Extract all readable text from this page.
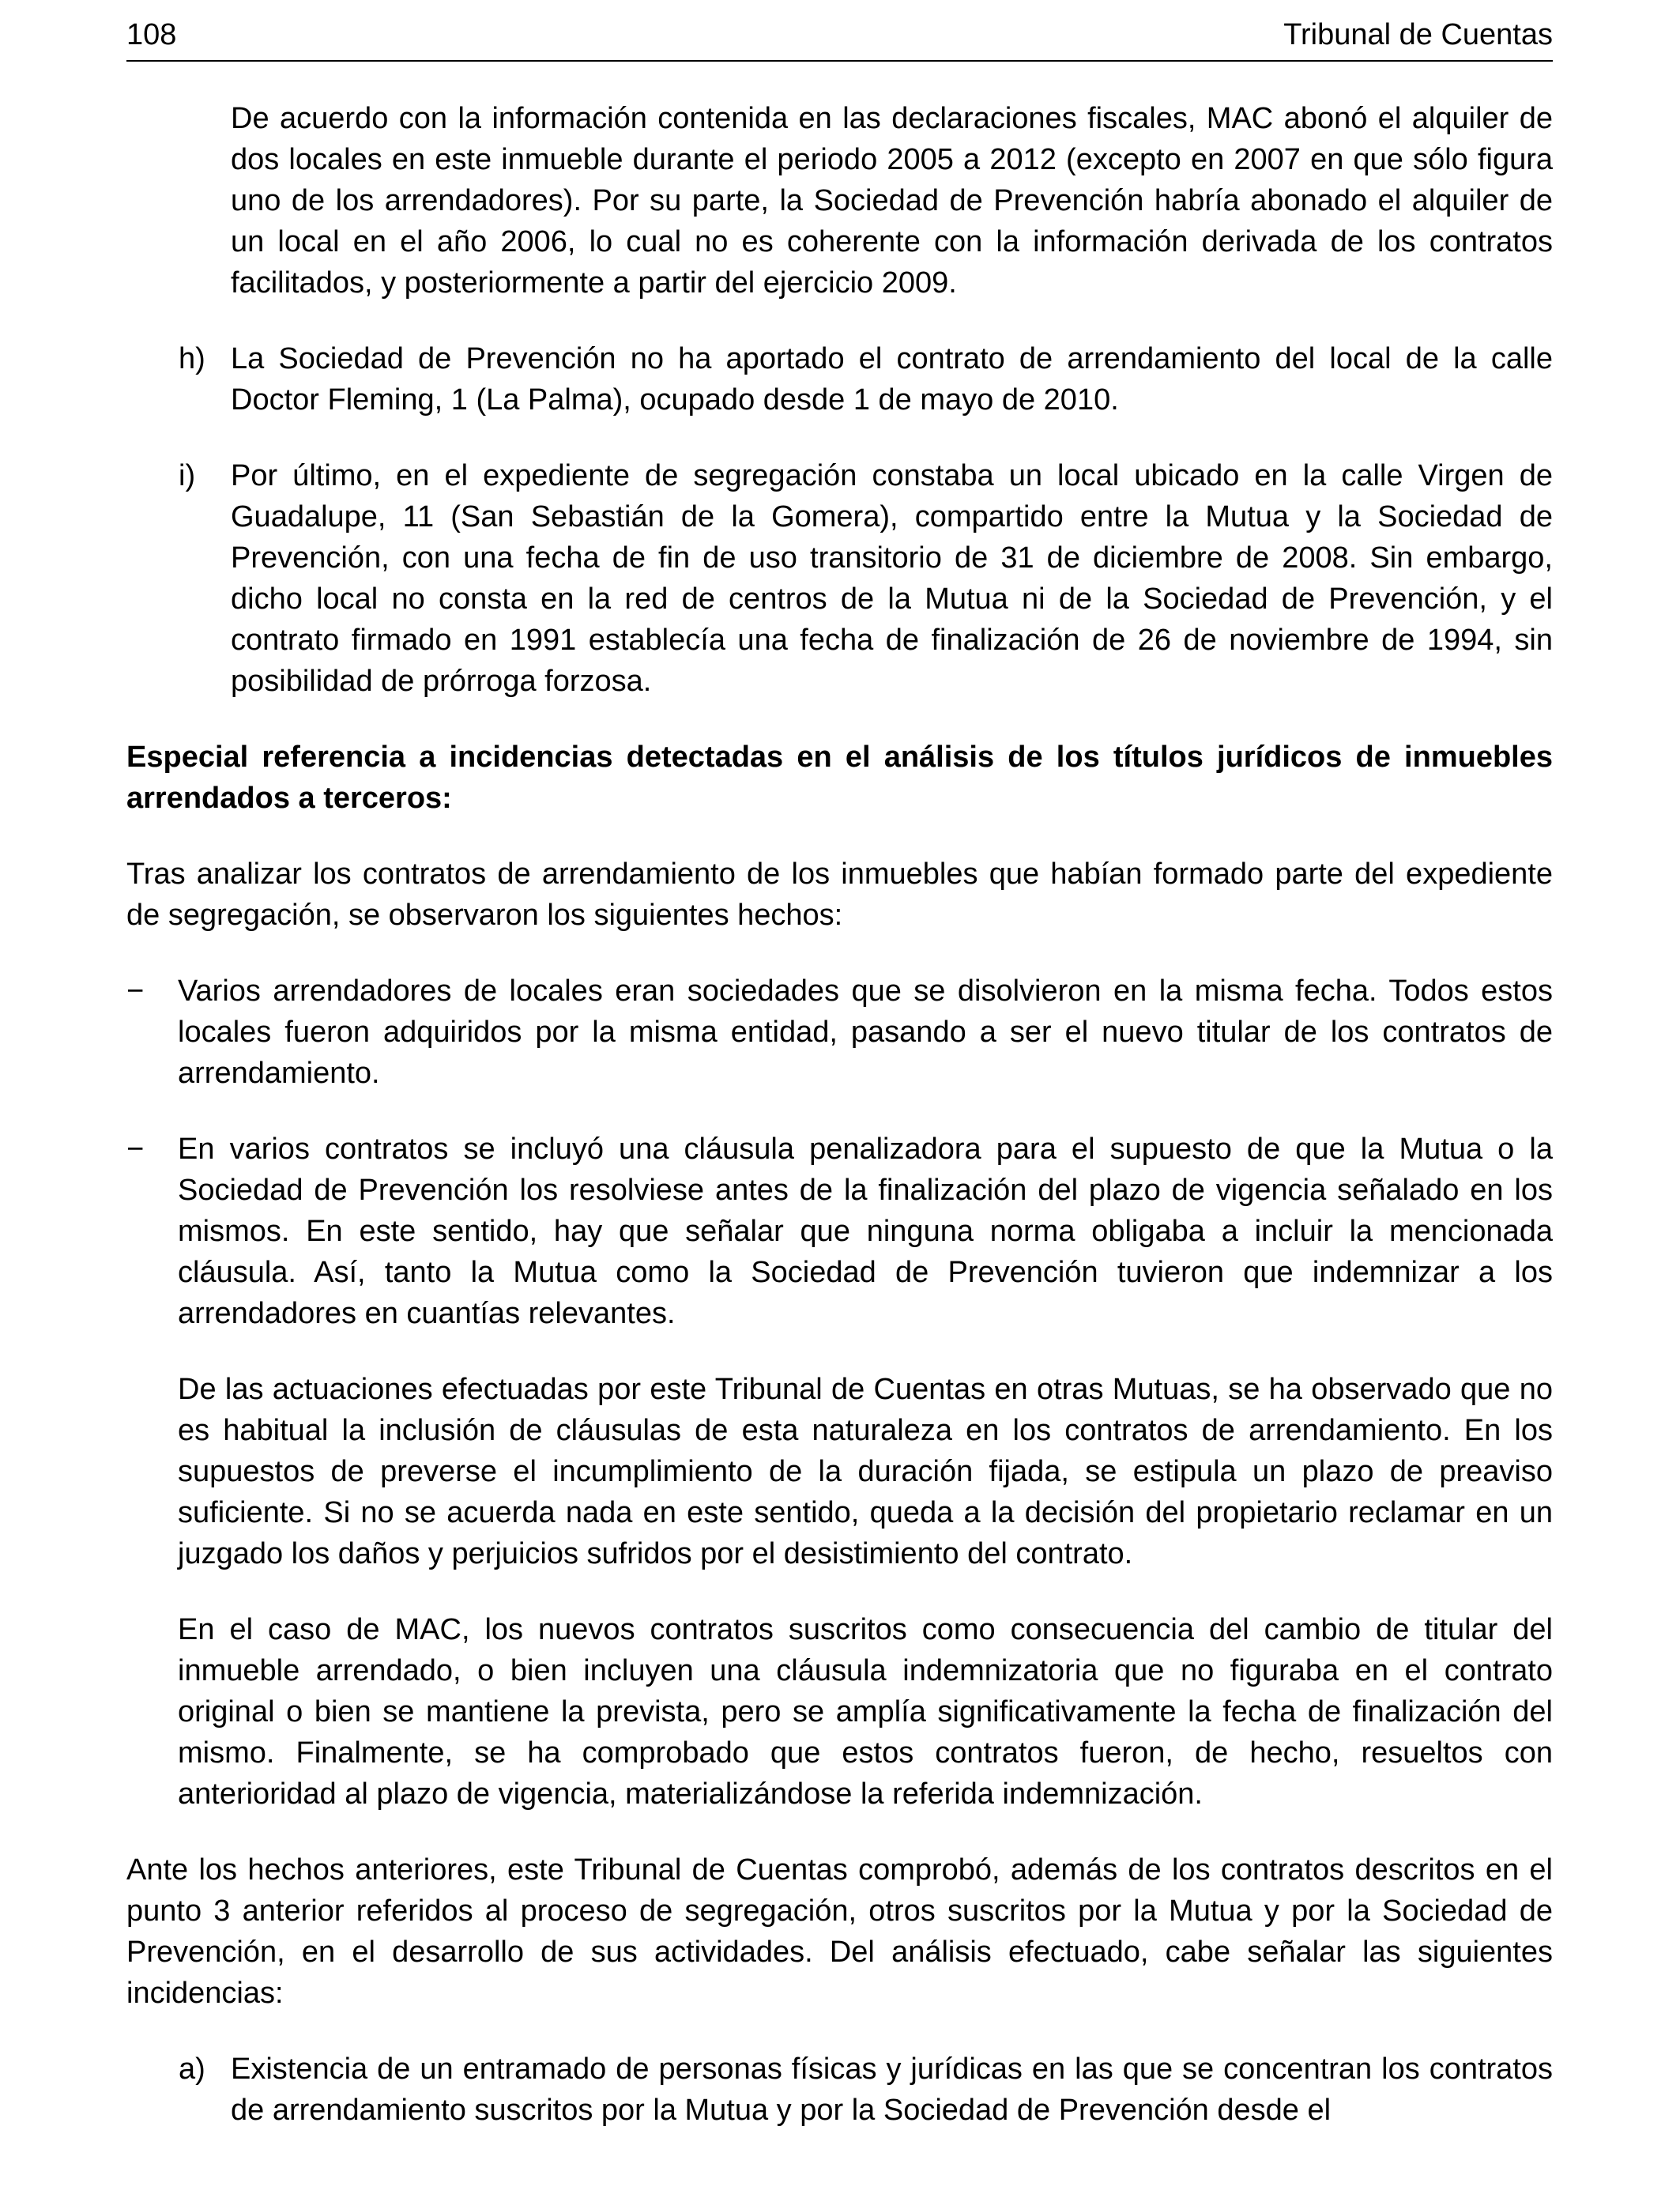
108	Tribunal de Cuentas

De acuerdo con la información contenida en las declaraciones fiscales, MAC abonó el alquiler de dos locales en este inmueble durante el periodo 2005 a 2012 (excepto en 2007 en que sólo figura uno de los arrendadores). Por su parte, la Sociedad de Prevención habría abonado el alquiler de un local en el año 2006, lo cual no es coherente con la información derivada de los contratos facilitados, y posteriormente a partir del ejercicio 2009.

h) La Sociedad de Prevención no ha aportado el contrato de arrendamiento del local de la calle Doctor Fleming, 1 (La Palma), ocupado desde 1 de mayo de 2010.
i) Por último, en el expediente de segregación constaba un local ubicado en la calle Virgen de Guadalupe, 11 (San Sebastián de la Gomera), compartido entre la Mutua y la Sociedad de Prevención, con una fecha de fin de uso transitorio de 31 de diciembre de 2008. Sin embargo, dicho local no consta en la red de centros de la Mutua ni de la Sociedad de Prevención, y el contrato firmado en 1991 establecía una fecha de finalización de 26 de noviembre de 1994, sin posibilidad de prórroga forzosa.

Especial referencia a incidencias detectadas en el análisis de los títulos jurídicos de inmuebles arrendados a terceros:

Tras analizar los contratos de arrendamiento de los inmuebles que habían formado parte del expediente de segregación, se observaron los siguientes hechos:

− Varios arrendadores de locales eran sociedades que se disolvieron en la misma fecha. Todos estos locales fueron adquiridos por la misma entidad, pasando a ser el nuevo titular de los contratos de arrendamiento.
− En varios contratos se incluyó una cláusula penalizadora para el supuesto de que la Mutua o la Sociedad de Prevención los resolviese antes de la finalización del plazo de vigencia señalado en los mismos. En este sentido, hay que señalar que ninguna norma obligaba a incluir la mencionada cláusula. Así, tanto la Mutua como la Sociedad de Prevención tuvieron que indemnizar a los arrendadores en cuantías relevantes.

De las actuaciones efectuadas por este Tribunal de Cuentas en otras Mutuas, se ha observado que no es habitual la inclusión de cláusulas de esta naturaleza en los contratos de arrendamiento. En los supuestos de preverse el incumplimiento de la duración fijada, se estipula un plazo de preaviso suficiente. Si no se acuerda nada en este sentido, queda a la decisión del propietario reclamar en un juzgado los daños y perjuicios sufridos por el desistimiento del contrato.

En el caso de MAC, los nuevos contratos suscritos como consecuencia del cambio de titular del inmueble arrendado, o bien incluyen una cláusula indemnizatoria que no figuraba en el contrato original o bien se mantiene la prevista, pero se amplía significativamente la fecha de finalización del mismo. Finalmente, se ha comprobado que estos contratos fueron, de hecho, resueltos con anterioridad al plazo de vigencia, materializándose la referida indemnización.

Ante los hechos anteriores, este Tribunal de Cuentas comprobó, además de los contratos descritos en el punto 3 anterior referidos al proceso de segregación, otros suscritos por la Mutua y por la Sociedad de Prevención, en el desarrollo de sus actividades. Del análisis efectuado, cabe señalar las siguientes incidencias:

a) Existencia de un entramado de personas físicas y jurídicas en las que se concentran los contratos de arrendamiento suscritos por la Mutua y por la Sociedad de Prevención desde el
